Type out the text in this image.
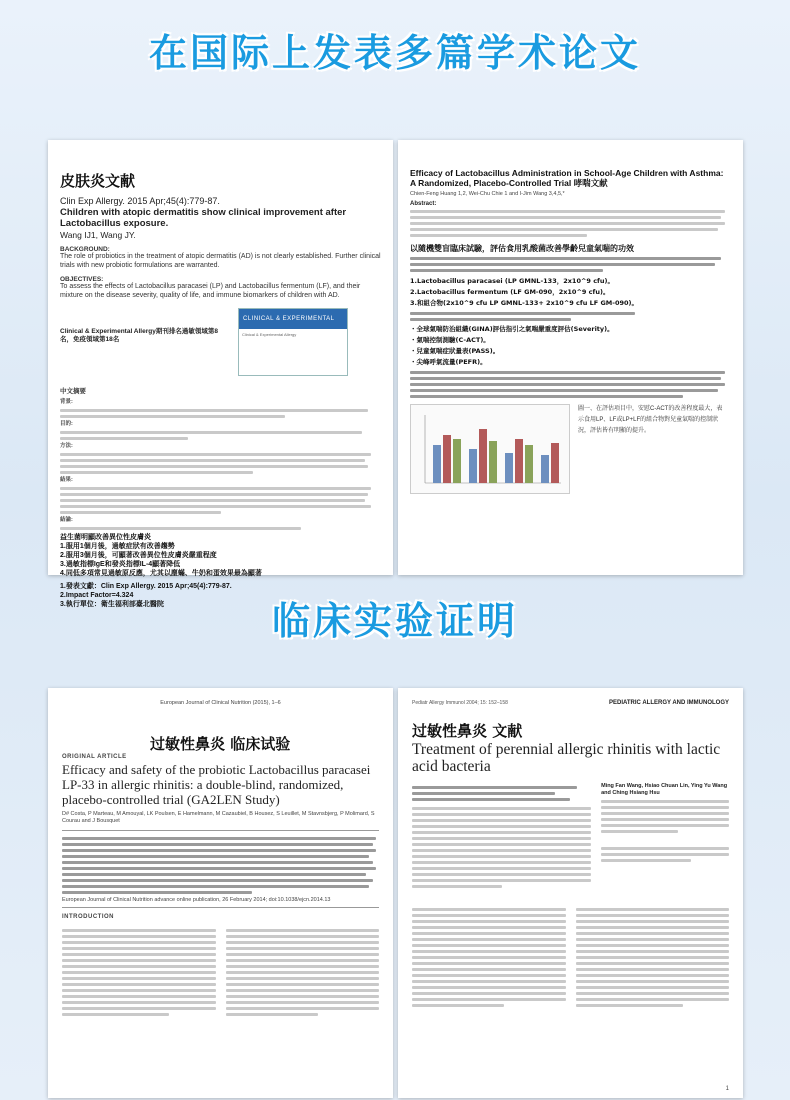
在国际上发表多篇学术论文
临床实验证明
皮肤炎文献
Clin Exp Allergy. 2015 Apr;45(4):779-87.
Children with atopic dermatitis show clinical improvement after Lactobacillus exposure.
Wang IJ1, Wang JY.
BACKGROUND:
The role of probiotics in the treatment of atopic dermatitis (AD) is not clearly established. Further clinical trials with new probiotic formulations are warranted.
OBJECTIVES:
To assess the effects of Lactobacillus paracasei (LP) and Lactobacillus fermentum (LF), and their mixture on the disease severity, quality of life, and immune biomarkers of children with AD.
Clinical & Experimental Allergy期刊排名過敏領域第8名，免疫領域第18名
CLINICAL & EXPERIMENTAL ALLERGY
Clinical & Experimental Allergy
中文摘要
背景:
目的:
方法:
結果:
結論:
益生菌明顯改善異位性皮膚炎
1.服用1個月後，過敏症狀有改善趨勢
2.服用3個月後，可顯著改善異位性皮膚炎嚴重程度
3.過敏指標IgE和發炎指標IL-4顯著降低
4.同低多項常見過敏原反應，尤其以塵蟎、牛奶和蛋效果最為顯著
1.發表文獻：Clin Exp Allergy. 2015 Apr;45(4):779-87.
2.Impact Factor=4.324
3.執行單位：衛生福利部臺北醫院
Efficacy of Lactobacillus Administration in School-Age Children with Asthma: A Randomized, Placebo-Controlled Trial 哮喘文献
Chien-Feng Huang 1,2, Wei-Chu Chie 1 and I-Jim Wang 3,4,5,*
Abstract:
以隨機雙盲臨床試驗，評估食用乳酸菌改善學齡兒童氣喘的功效
1.Lactobacillus paracasei (LP GMNL-133，2x10^9 cfu)。
2.Lactobacillus fermentum (LF GM-090，2x10^9 cfu)。
3.和組合物(2x10^9 cfu LP GMNL-133+ 2x10^9 cfu LF GM-090)。
・全球氣喘防治組織(GINA)評估指引之氣喘嚴重度評估(Severity)。
・氣喘控制測驗(C-ACT)。
・兒童氣喘症狀量表(PASS)。
・尖峰呼氣流量(PEFR)。
圖一、在評估項目中，安慰C-ACT的改善程度最大，表示食用LP、LF或LP+LF的組合物對兒童氣喘的控制狀況，評估皆有明顯的提升。
European Journal of Clinical Nutrition (2015), 1–6
过敏性鼻炎 临床试验
ORIGINAL ARTICLE
Efficacy and safety of the probiotic Lactobacillus paracasei LP-33 in allergic rhinitis: a double-blind, randomized, placebo-controlled trial (GA2LEN Study)
D# Costa, P Marteau, M Amouyal, LK Poulsen, E Hamelmann, M Cazaubiel, B Housez, S Leuillet, M Stavnsbjerg, P Molimard, S Courau and J Bousquet
European Journal of Clinical Nutrition advance online publication, 26 February 2014; doi:10.1038/ejcn.2014.13
INTRODUCTION
Pediatr Allergy Immunol 2004; 15: 152–158	PEDIATRIC ALLERGY AND IMMUNOLOGY
过敏性鼻炎 文献
Treatment of perennial allergic rhinitis with lactic acid bacteria
Ming Fan Wang, Hsiao Chuan Lin, Ying Yu Wang and Ching Hsiang Hsu
1
